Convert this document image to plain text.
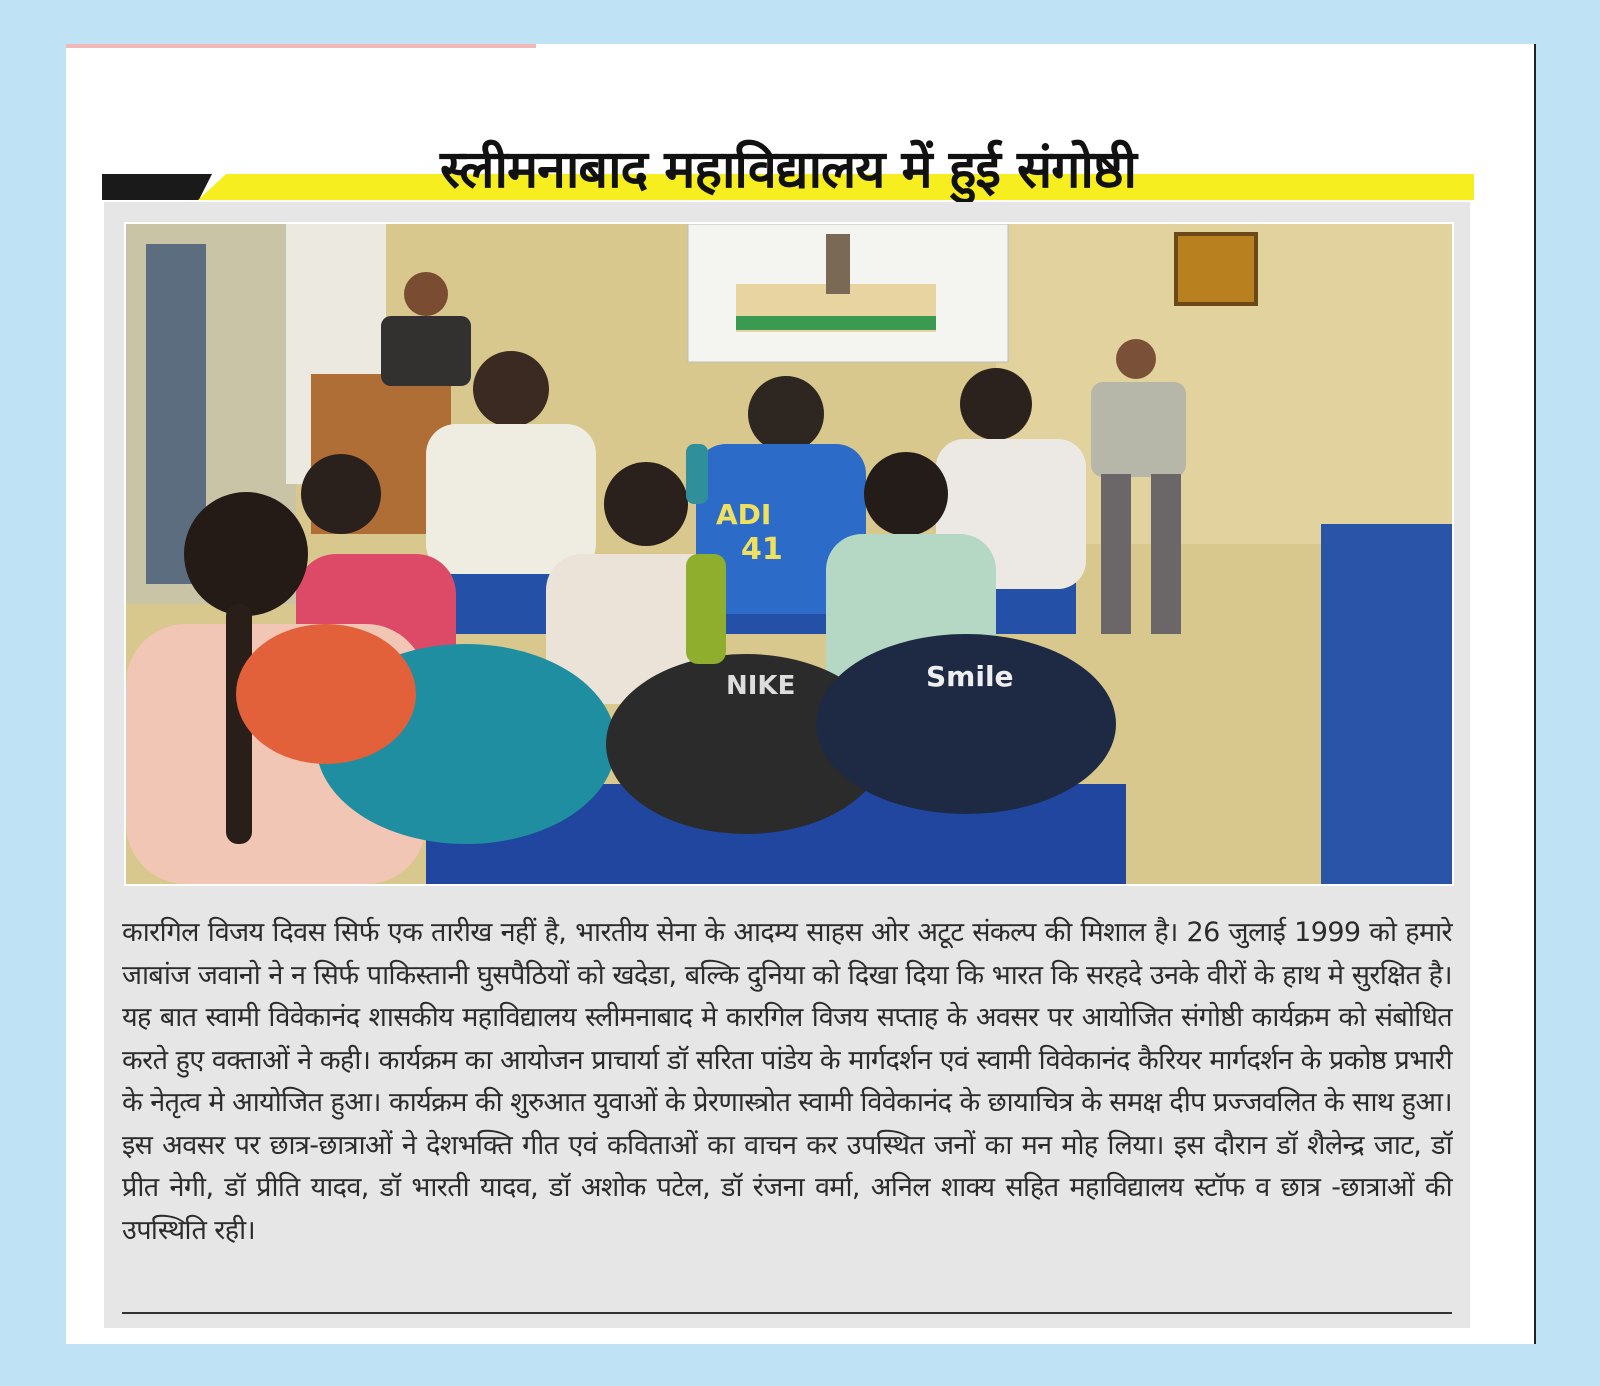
स्लीमनाबाद महाविद्यालय में हुई संगोष्ठी
ADI
41
NIKE	Smile
कारगिल विजय दिवस सिर्फ एक तारीख नहीं है, भारतीय सेना के आदम्य साहस ओर अटूट संकल्प की मिशाल है। 26 जुलाई 1999 को हमारे जाबांज जवानो ने न सिर्फ पाकिस्तानी घुसपैठियों को खदेडा, बल्कि दुनिया को दिखा दिया कि भारत कि सरहदे उनके वीरों के हाथ मे सुरक्षित है। यह बात स्वामी विवेकानंद शासकीय महाविद्यालय स्लीमनाबाद मे कारगिल विजय सप्ताह के अवसर पर आयोजित संगोष्ठी कार्यक्रम को संबोधित करते हुए वक्ताओं ने कही। कार्यक्रम का आयोजन प्राचार्या डॉ सरिता पांडेय के मार्गदर्शन एवं स्वामी विवेकानंद कैरियर मार्गदर्शन के प्रकोष्ठ प्रभारी के नेतृत्व मे आयोजित हुआ। कार्यक्रम की शुरुआत युवाओं के प्रेरणास्त्रोत स्वामी विवेकानंद के छायाचित्र के समक्ष दीप प्रज्जवलित के साथ हुआ। इस अवसर पर छात्र-छात्राओं ने देशभक्ति गीत एवं कविताओं का वाचन कर उपस्थित जनों का मन मोह लिया। इस दौरान डॉ शैलेन्द्र जाट, डॉ प्रीत नेगी, डॉ प्रीति यादव, डॉ भारती यादव, डॉ अशोक पटेल, डॉ रंजना वर्मा, अनिल शाक्य सहित महाविद्यालय स्टॉफ व छात्र -छात्राओं की उपस्थिति रही।
